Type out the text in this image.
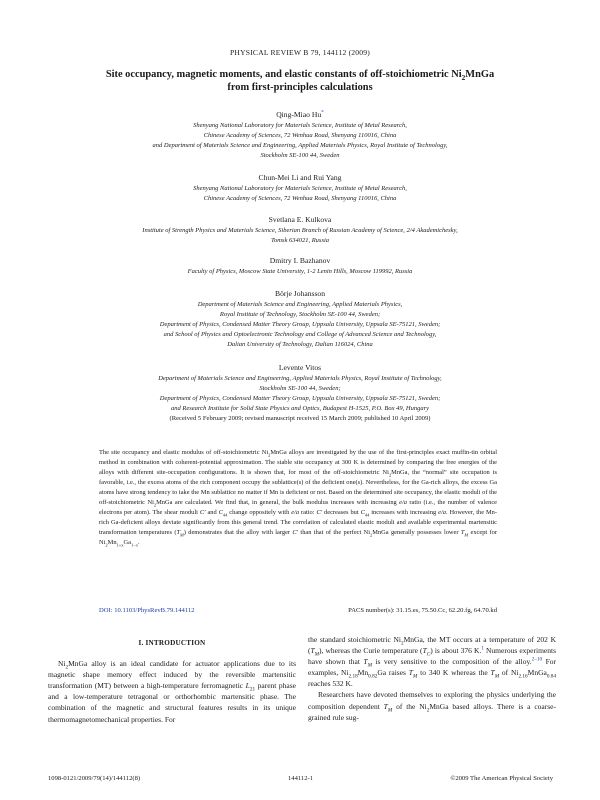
PHYSICAL REVIEW B 79, 144112 (2009)
Site occupancy, magnetic moments, and elastic constants of off-stoichiometric $Ni_2MnGa$
from first-principles calculations
Qing-Miao Hu*
Shenyang National Laboratory for Materials Science, Institute of Metal Research,
Chinese Academy of Sciences, 72 Wenhua Road, Shenyang 110016, China
and Department of Materials Science and Engineering, Applied Materials Physics, Royal Institute of Technology,
Stockholm SE-100 44, Sweden
Chun-Mei Li and Rui Yang
Shenyang National Laboratory for Materials Science, Institute of Metal Research,
Chinese Academy of Sciences, 72 Wenhua Road, Shenyang 110016, China
Svetlana E. Kulkova
Institute of Strength Physics and Materials Science, Siberian Branch of Russian Academy of Science, 2/4 Akademichesky,
Tomsk 634021, Russia
Dmitry I. Bazhanov
Faculty of Physics, Moscow State University, 1-2 Lenin Hills, Moscow 119992, Russia
Börje Johansson
Department of Materials Science and Engineering, Applied Materials Physics,
Royal Institute of Technology, Stockholm SE-100 44, Sweden;
Department of Physics, Condensed Matter Theory Group, Uppsala University, Uppsala SE-75121, Sweden;
and School of Physics and Optoelectronic Technology and College of Advanced Science and Technology,
Dalian University of Technology, Dalian 116024, China
Levente Vitos
Department of Materials Science and Engineering, Applied Materials Physics, Royal Institute of Technology,
Stockholm SE-100 44, Sweden;
Department of Physics, Condensed Matter Theory Group, Uppsala University, Uppsala SE-75121, Sweden;
and Research Institute for Solid State Physics and Optics, Budapest H-1525, P.O. Box 49, Hungary
(Received 5 February 2009; revised manuscript received 15 March 2009; published 10 April 2009)

The site occupancy and elastic modulus of off-stoichiometric $Ni_2MnGa$ alloys are investigated by the use of the first-principles exact muffin-tin orbital method in combination with coherent-potential approximation. The stable site occupancy at 300 K is determined by comparing the free energies of the alloys with different site-occupation configurations. It is shown that, for most of the off-stoichiometric $Ni_2MnGa$, the “normal” site occupation is favorable, i.e., the excess atoms of the rich component occupy the sublattice(s) of the deficient one(s). Nevertheless, for the Ga-rich alloys, the excess Ga atoms have strong tendency to take the Mn sublattice no matter if Mn is deficient or not. Based on the determined site occupancy, the elastic moduli of the off-stoichiometric $Ni_2MnGa$ are calculated. We find that, in general, the bulk modulus increases with increasing e/a ratio (i.e., the number of valence electrons per atom). The shear moduli C′ and $C_{44}$ change oppositely with e/a ratio: C′ decreases but $C_{44}$ increases with increasing e/a. However, the Mn-rich Ga-deficient alloys deviate significantly from this general trend. The correlation of calculated elastic moduli and available experimental martensitic transformation temperatures $(T_M)$ demonstrates that the alloy with larger C′ than that of the perfect $Ni_2MnGa$ generally possesses lower $T_M$ except for $Ni_2Mn_{1+x}Ga_{1-x}$.

DOI: 10.1103/PhysRevB.79.144112	PACS number(s): 31.15.es, 75.50.Cc, 62.20.fg, 64.70.kd
I. INTRODUCTION

$Ni_2MnGa$ alloy is an ideal candidate for actuator applications due to its magnetic shape memory effect induced by the reversible martensitic transformation (MT) between a high-temperature ferromagnetic $L_{21}$ parent phase and a low-temperature tetragonal or orthorhombic martensitic phase. The combination of the magnetic and structural features results in its unique thermomagnetomechanical properties. For

the standard stoichiometric $Ni_2MnGa$, the MT occurs at a temperature of 202 K $(T_M)$, whereas the Curie temperature $(T_C)$ is about 376 K.$^1$ Numerous experiments have shown that $T_M$ is very sensitive to the composition of the alloy.$^{2-10}$ For examples, $Ni_{2.18}Mn_{0.82}Ga$ raises $T_M$ to 340 K whereas the $T_M$ of $Ni_{2.16}MnGa_{0.84}$ reaches 532 K.

Researchers have devoted themselves to exploring the physics underlying the composition dependent $T_M$ of the $Ni_2MnGa$ based alloys. There is a coarse-grained rule sug-

1098-0121/2009/79(14)/144112(8)	144112-1	©2009 The American Physical Society
